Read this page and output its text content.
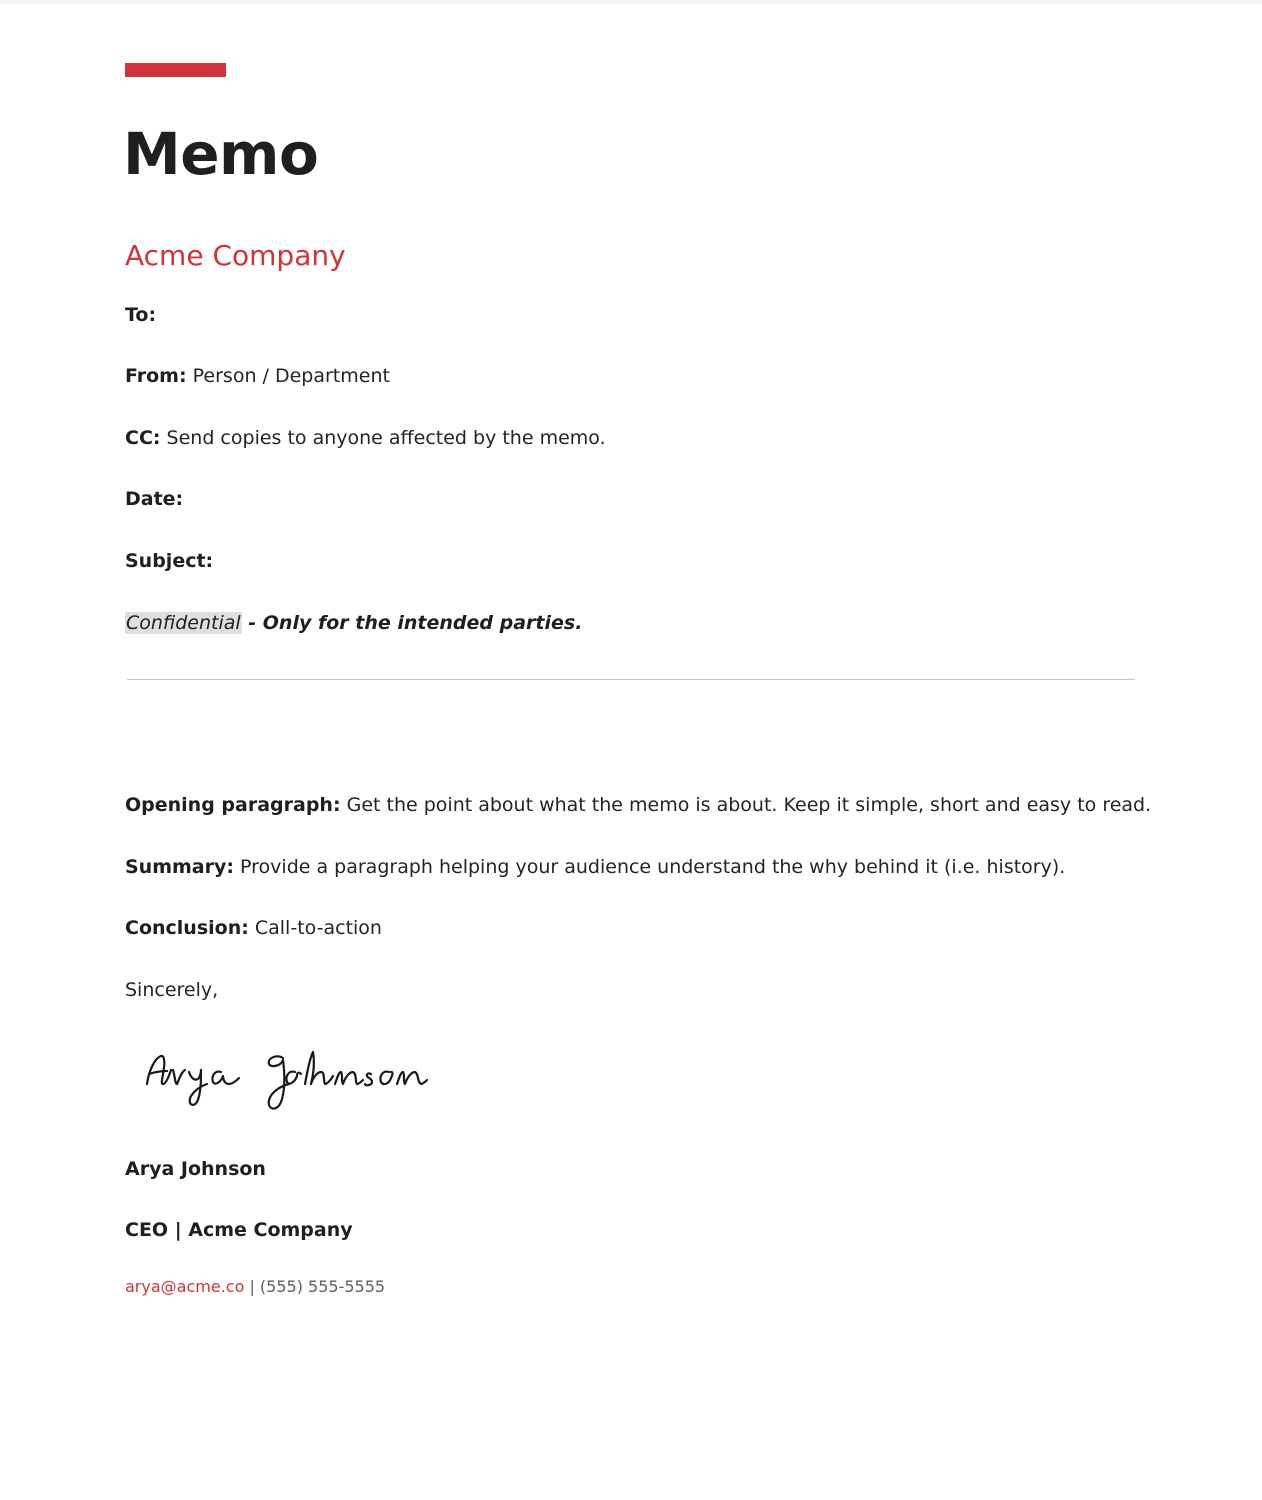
Memo
Acme Company

To:

From: Person / Department

CC: Send copies to anyone affected by the memo.

Date:

Subject:

Confidential - Only for the intended parties.

Opening paragraph: Get the point about what the memo is about. Keep it simple, short and easy to read.

Summary: Provide a paragraph helping your audience understand the why behind it (i.e. history).

Conclusion: Call-to-action

Sincerely,

Arya Johnson

CEO | Acme Company

arya@acme.co | (555) 555-5555
